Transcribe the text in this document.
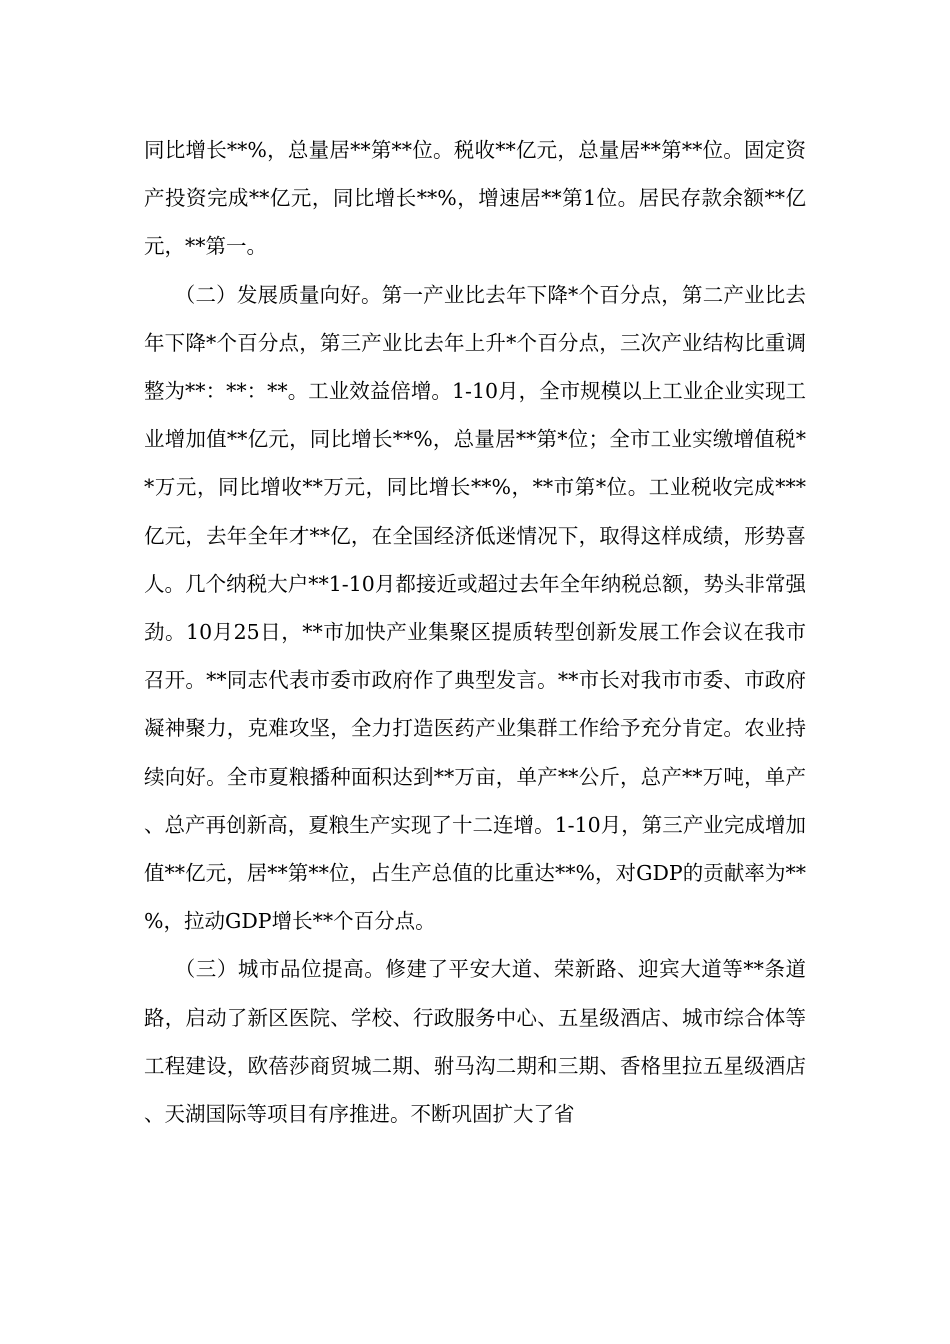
同比增长**%，总量居**第**位。税收**亿元，总量居**第**位。固定资产投资完成**亿元，同比增长**%，增速居**第1位。居民存款余额**亿元，**第一。

（二）发展质量向好。第一产业比去年下降*个百分点，第二产业比去年下降*个百分点，第三产业比去年上升*个百分点，三次产业结构比重调整为**：**：**。工业效益倍增。1-10月，全市规模以上工业企业实现工业增加值**亿元，同比增长**%，总量居**第*位；全市工业实缴增值税**万元，同比增收**万元，同比增长**%，**市第*位。工业税收完成***亿元，去年全年才**亿，在全国经济低迷情况下，取得这样成绩，形势喜人。几个纳税大户**1-10月都接近或超过去年全年纳税总额，势头非常强劲。10月25日，**市加快产业集聚区提质转型创新发展工作会议在我市召开。**同志代表市委市政府作了典型发言。**市长对我市市委、市政府凝神聚力，克难攻坚，全力打造医药产业集群工作给予充分肯定。农业持续向好。全市夏粮播种面积达到**万亩，单产**公斤，总产**万吨，单产、总产再创新高，夏粮生产实现了十二连增。1-10月，第三产业完成增加值**亿元，居**第**位，占生产总值的比重达**%，对GDP的贡献率为**%，拉动GDP增长**个百分点。

（三）城市品位提高。修建了平安大道、荣新路、迎宾大道等**条道路，启动了新区医院、学校、行政服务中心、五星级酒店、城市综合体等工程建设，欧蓓莎商贸城二期、驸马沟二期和三期、香格里拉五星级酒店、天湖国际等项目有序推进。不断巩固扩大了省
